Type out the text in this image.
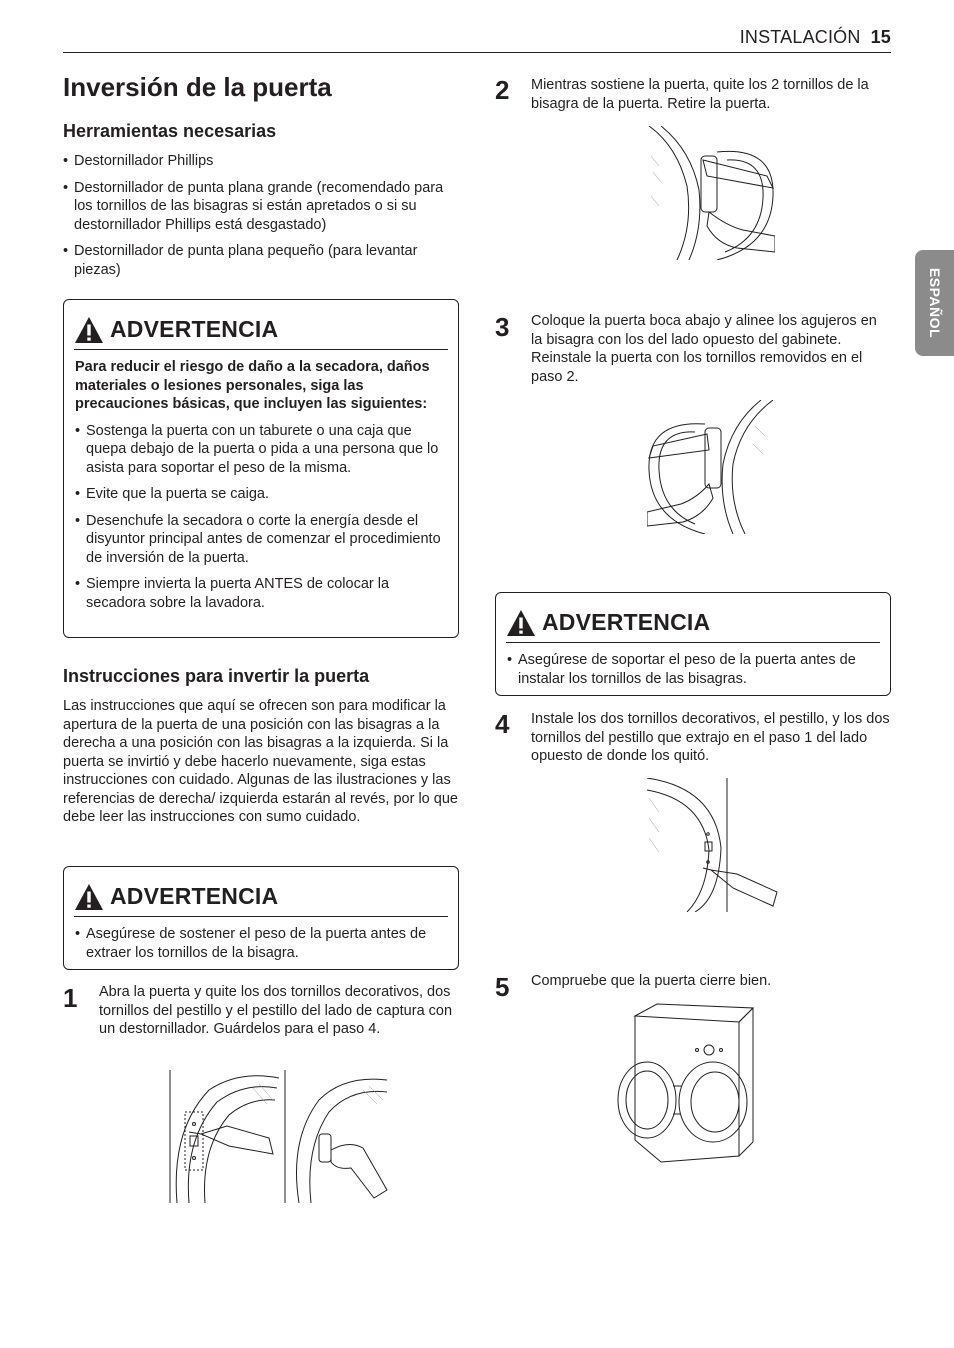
INSTALACIÓN 15
ESPAÑOL
Inversión de la puerta
Herramientas necesarias
• Destornillador Phillips
• Destornillador de punta plana grande (recomendado para los tornillos de las bisagras si están apretados o si su destornillador Phillips está desgastado)
• Destornillador de punta plana pequeño (para levantar piezas)
ADVERTENCIA
Para reducir el riesgo de daño a la secadora, daños materiales o lesiones personales, siga las precauciones básicas, que incluyen las siguientes:
• Sostenga la puerta con un taburete o una caja que quepa debajo de la puerta o pida a una persona que lo asista para soportar el peso de la misma.
• Evite que la puerta se caiga.
• Desenchufe la secadora o corte la energía desde el disyuntor principal antes de comenzar el procedimiento de inversión de la puerta.
• Siempre invierta la puerta ANTES de colocar la secadora sobre la lavadora.
Instrucciones para invertir la puerta
Las instrucciones que aquí se ofrecen son para modificar la apertura de la puerta de una posición con las bisagras a la derecha a una posición con las bisagras a la izquierda. Si la puerta se invirtió y debe hacerlo nuevamente, siga estas instrucciones con cuidado. Algunas de las ilustraciones y las referencias de derecha/ izquierda estarán al revés, por lo que debe leer las instrucciones con sumo cuidado.
ADVERTENCIA
• Asegúrese de sostener el peso de la puerta antes de extraer los tornillos de la bisagra.
1 Abra la puerta y quite los dos tornillos decorativos, dos tornillos del pestillo y el pestillo del lado de captura con un destornillador. Guárdelos para el paso 4.
2 Mientras sostiene la puerta, quite los 2 tornillos de la bisagra de la puerta. Retire la puerta.
3 Coloque la puerta boca abajo y alinee los agujeros en la bisagra con los del lado opuesto del gabinete. Reinstale la puerta con los tornillos removidos en el paso 2.
ADVERTENCIA
• Asegúrese de soportar el peso de la puerta antes de instalar los tornillos de las bisagras.
4 Instale los dos tornillos decorativos, el pestillo, y los dos tornillos del pestillo que extrajo en el paso 1 del lado opuesto de donde los quitó.
5 Compruebe que la puerta cierre bien.
